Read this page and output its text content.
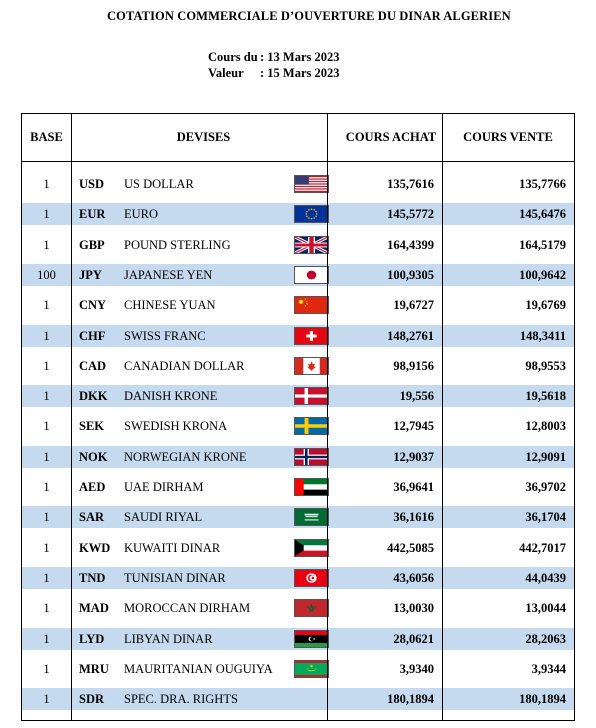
COTATION COMMERCIALE D’OUVERTURE DU DINAR ALGERIEN
Cours du : 13 Mars 2023
Valeur : 15 Mars 2023
BASE	DEVISES	COURS ACHAT	COURS VENTE
1	USD	US DOLLAR	135,7616	135,7766
1	EUR	EURO	145,5772	145,6476
1	GBP	POUND STERLING	164,4399	164,5179
100	JPY	JAPANESE YEN	100,9305	100,9642
1	CNY	CHINESE YUAN	19,6727	19,6769
1	CHF	SWISS FRANC	148,2761	148,3411
1	CAD	CANADIAN DOLLAR	98,9156	98,9553
1	DKK	DANISH KRONE	19,556	19,5618
1	SEK	SWEDISH KRONA	12,7945	12,8003
1	NOK	NORWEGIAN KRONE	12,9037	12,9091
1	AED	UAE DIRHAM	36,9641	36,9702
1	SAR	SAUDI RIYAL	36,1616	36,1704
1	KWD	KUWAITI DINAR	442,5085	442,7017
1	TND	TUNISIAN DINAR	43,6056	44,0439
1	MAD	MOROCCAN DIRHAM	13,0030	13,0044
1	LYD	LIBYAN DINAR	28,0621	28,2063
1	MRU	MAURITANIAN OUGUIYA	3,9340	3,9344
1	SDR	SPEC. DRA. RIGHTS	180,1894	180,1894
